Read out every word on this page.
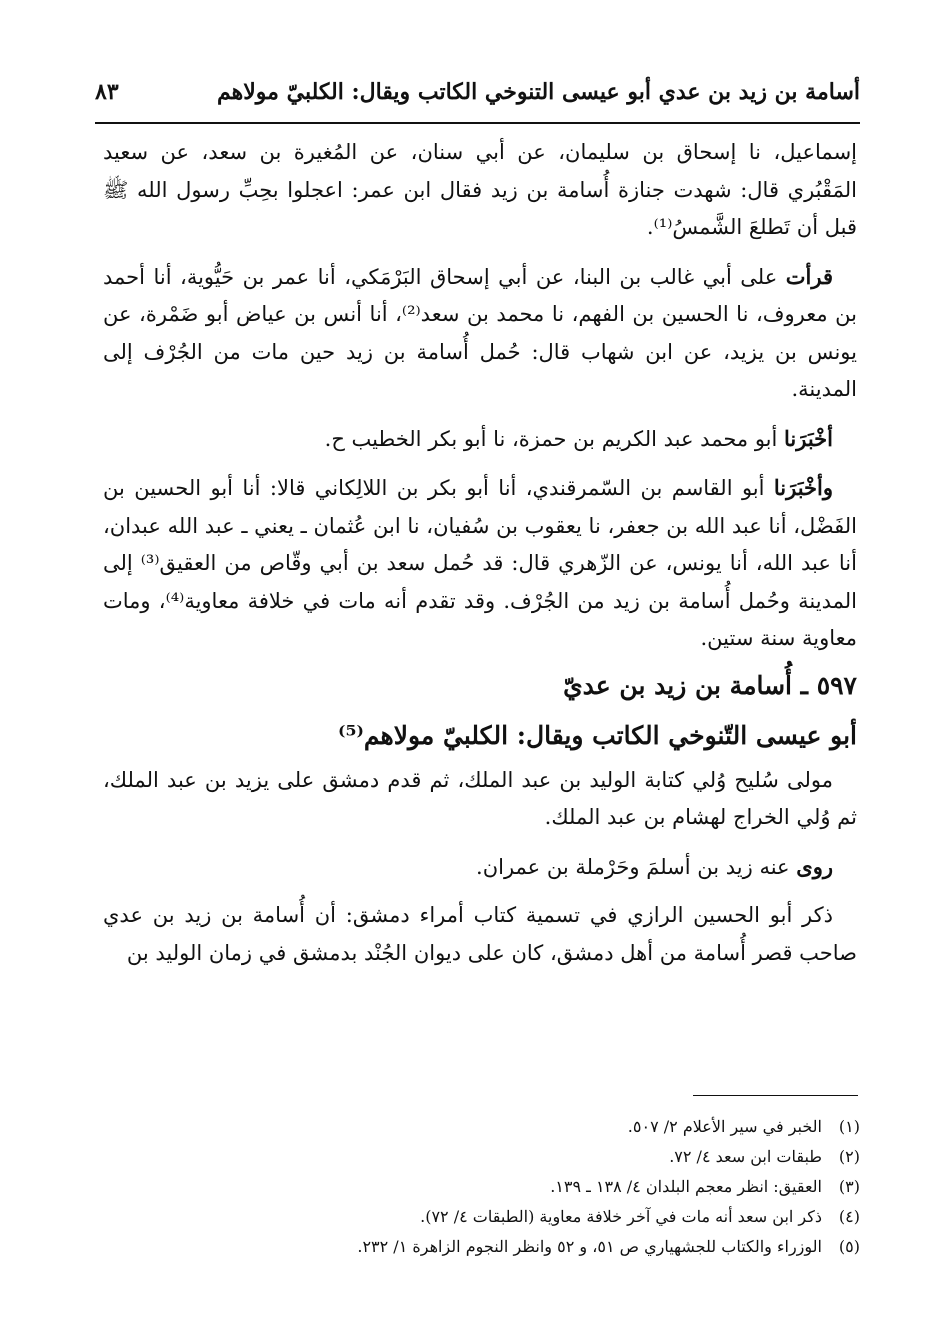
أسامة بن زيد بن عدي أبو عيسى التنوخي الكاتب ويقال: الكلبيّ مولاهم
٨٣

إسماعيل، نا إسحاق بن سليمان، عن أبي سنان، عن المُغيرة بن سعد، عن سعيد المَقْبُري قال: شهدت جنازة أُسامة بن زيد فقال ابن عمر: اعجلوا بحِبِّ رسول الله ﷺ قبل أن تَطلعَ الشَّمسُ⁽¹⁾.

قرأت على أبي غالب بن البنا، عن أبي إسحاق البَرْمَكي، أنا عمر بن حَيُّوية، أنا أحمد بن معروف، نا الحسين بن الفهم، نا محمد بن سعد⁽²⁾، أنا أنس بن عياض أبو ضَمْرة، عن يونس بن يزيد، عن ابن شهاب قال: حُمل أُسامة بن زيد حين مات من الجُرْف إلى المدينة.

أخْبَرَنا أبو محمد عبد الكريم بن حمزة، نا أبو بكر الخطيب ح.

وأخْبَرَنا أبو القاسم بن السّمرقندي، أنا أبو بكر بن اللالِكاني قالا: أنا أبو الحسين بن الفَضْل، أنا عبد الله بن جعفر، نا يعقوب بن سُفيان، نا ابن عُثمان ـ يعني ـ عبد الله عبدان، أنا عبد الله، أنا يونس، عن الزّهري قال: قد حُمل سعد بن أبي وقّاص من العقيق⁽³⁾ إلى المدينة وحُمل أُسامة بن زيد من الجُرْف. وقد تقدم أنه مات في خلافة معاوية⁽⁴⁾، ومات معاوية سنة ستين.

٥٩٧ ـ أُسامة بن زيد بن عديّ
أبو عيسى التّنوخي الكاتب ويقال: الكلبيّ مولاهم⁽⁵⁾

مولى سُليح وُلي كتابة الوليد بن عبد الملك، ثم قدم دمشق على يزيد بن عبد الملك، ثم وُلي الخراج لهشام بن عبد الملك.

روى عنه زيد بن أسلمَ وحَرْملة بن عمران.

ذكر أبو الحسين الرازي في تسمية كتاب أمراء دمشق: أن أُسامة بن زيد بن عدي صاحب قصر أُسامة من أهل دمشق، كان على ديوان الجُنْد بدمشق في زمان الوليد بن

(١)
الخبر في سير الأعلام ٢/ ٥٠٧.
(٢)
طبقات ابن سعد ٤/ ٧٢.
(٣)
العقيق: انظر معجم البلدان ٤/ ١٣٨ ـ ١٣٩.
(٤)
ذكر ابن سعد أنه مات في آخر خلافة معاوية (الطبقات ٤/ ٧٢).
(٥)
الوزراء والكتاب للجشهياري ص ٥١، و ٥٢ وانظر النجوم الزاهرة ١/ ٢٣٢.
